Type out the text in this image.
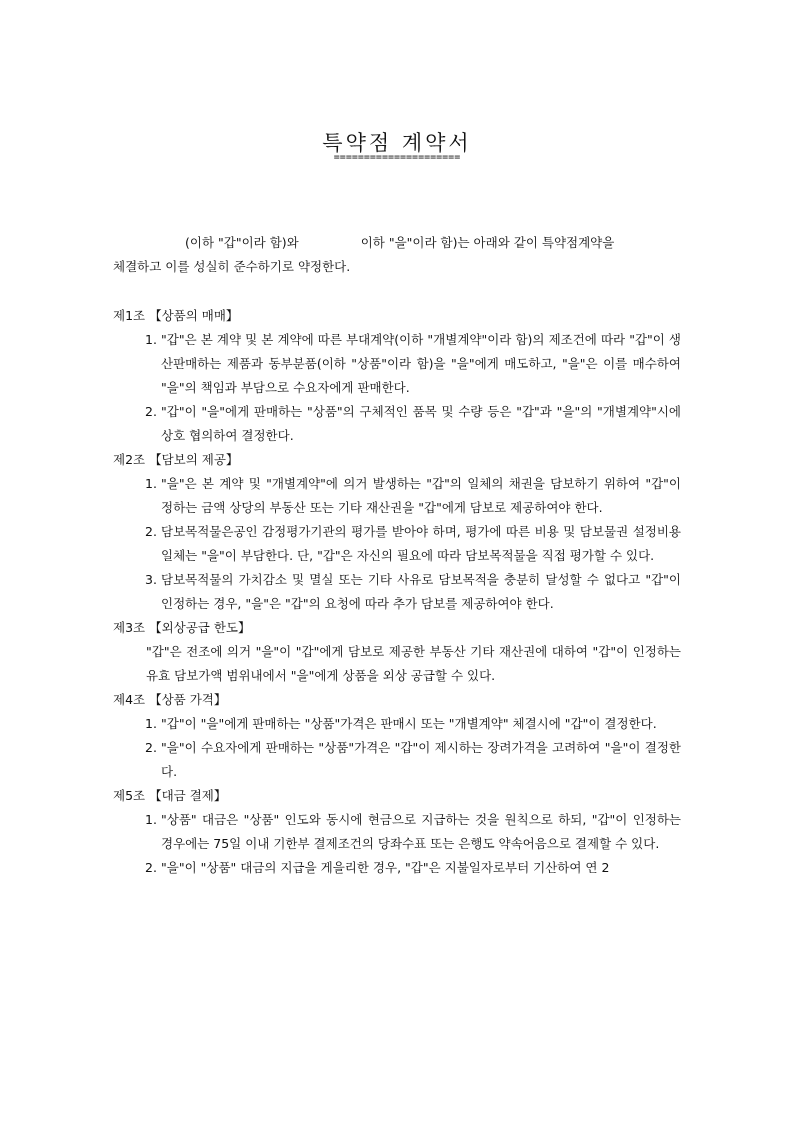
특약점 계약서
=====================

(이하 "갑"이라 함)와	이하 "을"이라 함)는 아래와 같이 특약점계약을

체결하고 이를 성실히 준수하기로 약정한다.

제1조 【상품의 매매】

1. "갑"은 본 계약 및 본 계약에 따른 부대계약(이하 "개별계약"이라 함)의 제조건에 따라 "갑"이 생산판매하는 제품과 동부분품(이하 "상품"이라 함)을 "을"에게 매도하고, "을"은 이를 매수하여 "을"의 책임과 부담으로 수요자에게 판매한다.
2. "갑"이 "을"에게 판매하는 "상품"의 구체적인 품목 및 수량 등은 "갑"과 "을"의 "개별계약"시에 상호 협의하여 결정한다.

제2조 【담보의 제공】

1. "을"은 본 계약 및 "개별계약"에 의거 발생하는 "갑"의 일체의 채권을 담보하기 위하여 "갑"이 정하는 금액 상당의 부동산 또는 기타 재산권을 "갑"에게 담보로 제공하여야 한다.
2. 담보목적물은공인 감정평가기관의 평가를 받아야 하며, 평가에 따른 비용 및 담보물권 설정비용 일체는 "을"이 부담한다. 단, "갑"은 자신의 필요에 따라 담보목적물을 직접 평가할 수 있다.
3. 담보목적물의 가치감소 및 멸실 또는 기타 사유로 담보목적을 충분히 달성할 수 없다고 "갑"이 인정하는 경우, "을"은 "갑"의 요청에 따라 추가 담보를 제공하여야 한다.

제3조 【외상공급 한도】

"갑"은 전조에 의거 "을"이 "갑"에게 담보로 제공한 부동산 기타 재산권에 대하여 "갑"이 인정하는 유효 담보가액 범위내에서 "을"에게 상품을 외상 공급할 수 있다.

제4조 【상품 가격】

1. "갑"이 "을"에게 판매하는 "상품"가격은 판매시 또는 "개별계약" 체결시에 "갑"이 결정한다.
2. "을"이 수요자에게 판매하는 "상품"가격은 "갑"이 제시하는 장려가격을 고려하여 "을"이 결정한다.

제5조 【대금 결제】

1. "상품" 대금은 "상품" 인도와 동시에 현금으로 지급하는 것을 원칙으로 하되, "갑"이 인정하는 경우에는 75일 이내 기한부 결제조건의 당좌수표 또는 은행도 약속어음으로 결제할 수 있다.
2. "을"이 "상품" 대금의 지급을 게을리한 경우, "갑"은 지불일자로부터 기산하여 연 2
